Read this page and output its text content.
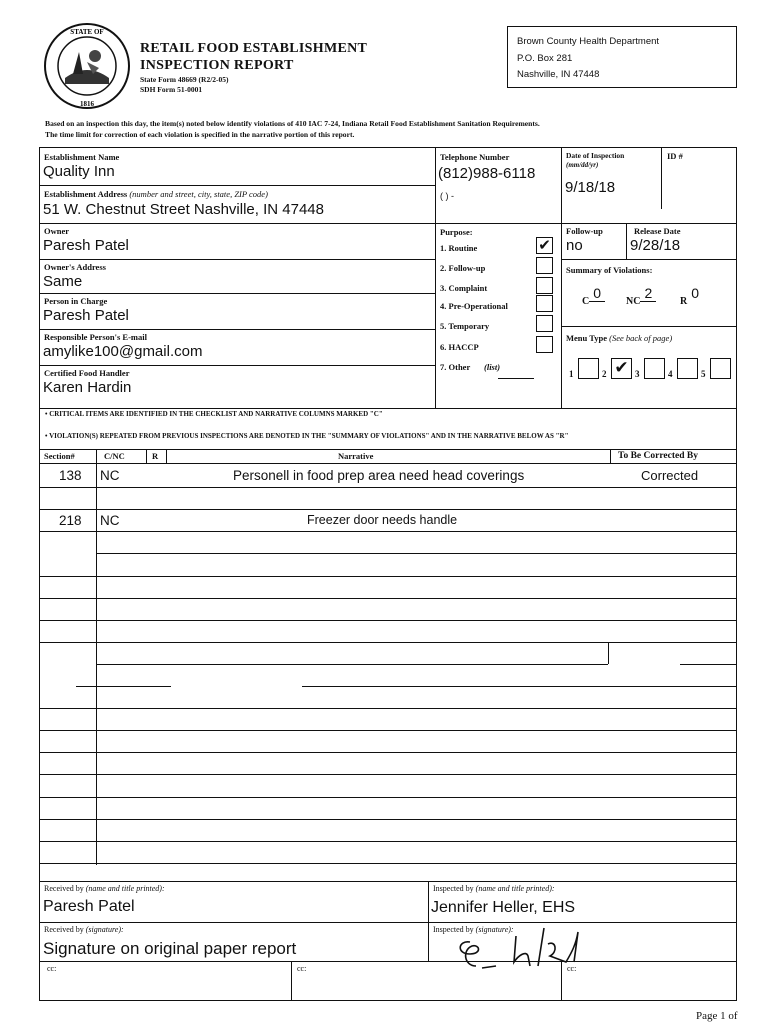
STATE OF
1816
RETAIL FOOD ESTABLISHMENT
INSPECTION REPORT
State Form 48669 (R2/2-05)
SDH Form 51-0001
Brown County Health Department
P.O. Box 281
Nashville, IN 47448
Based on an inspection this day, the item(s) noted below identify violations of 410 IAC 7-24, Indiana Retail Food Establishment Sanitation Requirements.
The time limit for correction of each violation is specified in the narrative portion of this report.
Establishment Name
Quality Inn
Establishment Address (number and street, city, state, ZIP code)
51 W. Chestnut Street Nashville, IN 47448
Owner
Paresh Patel
Owner's Address
Same
Person in Charge
Paresh Patel
Responsible Person's E-mail
amylike100@gmail.com
Certified Food Handler
Karen Hardin
Telephone Number
(812)988-6118
( ) -
Date of Inspection
(mm/dd/yr)
9/18/18
ID #
Purpose:
1. Routine	✔
2. Follow-up
3. Complaint
4. Pre-Operational
5. Temporary
6. HACCP
7. Other (list)
Follow-up
no
Release Date
9/28/18
Summary of Violations:
C0
NC2
R0
Menu Type (See back of page)
1	2 ✔ 3	4	5
• CRITICAL ITEMS ARE IDENTIFIED IN THE CHECKLIST AND NARRATIVE COLUMNS MARKED "C"
• VIOLATION(S) REPEATED FROM PREVIOUS INSPECTIONS ARE DENOTED IN THE "SUMMARY OF VIOLATIONS" AND IN THE NARRATIVE BELOW AS "R"
Section#	C/NC	R	Narrative	To Be Corrected By
138 NC	Personell in food prep area need head coverings	Corrected
218 NC	Freezer door needs handle
Received by (name and title printed):
Paresh Patel
Inspected by (name and title printed):
Jennifer Heller, EHS
Received by (signature):
Signature on original paper report
Inspected by (signature):
cc:	cc:	cc:
Page 1 of
